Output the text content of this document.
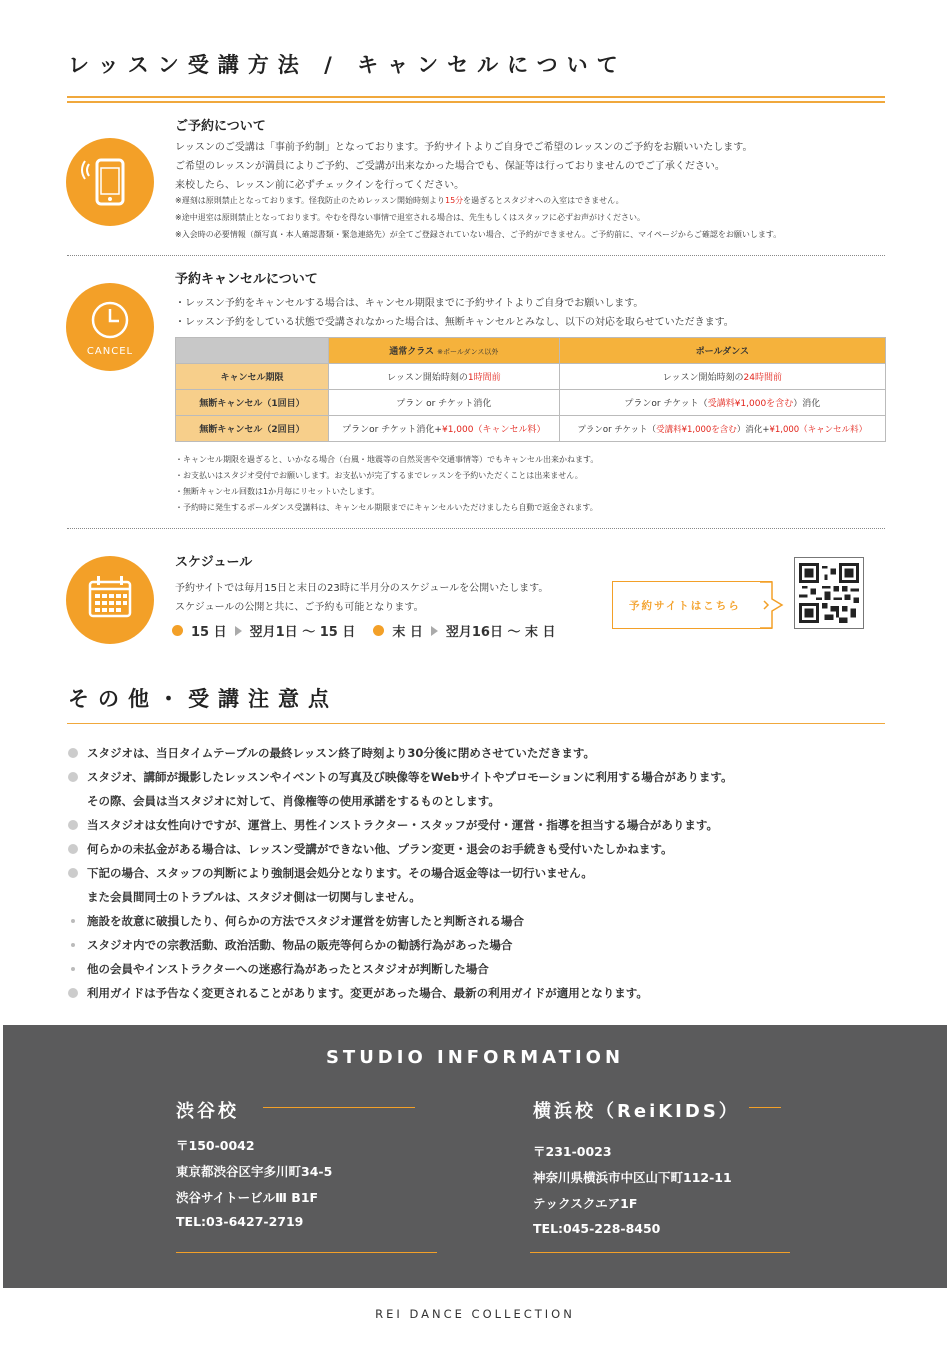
レッスン受講方法 / キャンセルについて
ご予約について
レッスンのご受講は「事前予約制」となっております。予約サイトよりご自身でご希望のレッスンのご予約をお願いいたします。
ご希望のレッスンが満員によりご予約、ご受講が出来なかった場合でも、保証等は行っておりませんのでご了承ください。
来校したら、レッスン前に必ずチェックインを行ってください。
※遅刻は原則禁止となっております。怪我防止のためレッスン開始時刻より15分を過ぎるとスタジオへの入室はできません。
※途中退室は原則禁止となっております。やむを得ない事情で退室される場合は、先生もしくはスタッフに必ずお声がけください。
※入会時の必要情報（顔写真・本人確認書類・緊急連絡先）が全てご登録されていない場合、ご予約ができません。ご予約前に、マイページからご確認をお願いします。
CANCEL
予約キャンセルについて
・レッスン予約をキャンセルする場合は、キャンセル期限までに予約サイトよりご自身でお願いします。
・レッスン予約をしている状態で受講されなかった場合は、無断キャンセルとみなし、以下の対応を取らせていただきます。
	通常クラス ※ポールダンス以外	ポールダンス
キャンセル期限	レッスン開始時刻の1時間前	レッスン開始時刻の24時間前
無断キャンセル（1回目）	プラン or チケット消化	プランor チケット（受講料¥1,000を含む）消化
無断キャンセル（2回目）	プランor チケット消化+¥1,000（キャンセル料）	プランor チケット（受講料¥1,000を含む）消化+¥1,000（キャンセル料）
・キャンセル期限を過ぎると、いかなる場合（台風・地震等の自然災害や交通事情等）でもキャンセル出来かねます。
・お支払いはスタジオ受付でお願いします。お支払いが完了するまでレッスンを予約いただくことは出来ません。
・無断キャンセル回数は1か月毎にリセットいたします。
・予約時に発生するポールダンス受講料は、キャンセル期限までにキャンセルいただけましたら自動で返金されます。
スケジュール
予約サイトでは毎月15日と末日の23時に半月分のスケジュールを公開いたします。
スケジュールの公開と共に、ご予約も可能となります。
15 日 翌月1日 〜 15 日	末 日 翌月16日 〜 末 日
予約サイトはこちら
その他・受講注意点
スタジオは、当日タイムテーブルの最終レッスン終了時刻より30分後に閉めさせていただきます。
スタジオ、講師が撮影したレッスンやイベントの写真及び映像等をWebサイトやプロモーションに利用する場合があります。
その際、会員は当スタジオに対して、肖像権等の使用承諾をするものとします。
当スタジオは女性向けですが、運営上、男性インストラクター・スタッフが受付・運営・指導を担当する場合があります。
何らかの未払金がある場合は、レッスン受講ができない他、プラン変更・退会のお手続きも受付いたしかねます。
下記の場合、スタッフの判断により強制退会処分となります。その場合返金等は一切行いません。
また会員間同士のトラブルは、スタジオ側は一切関与しません。
施設を故意に破損したり、何らかの方法でスタジオ運営を妨害したと判断される場合
スタジオ内での宗教活動、政治活動、物品の販売等何らかの勧誘行為があった場合
他の会員やインストラクターへの迷惑行為があったとスタジオが判断した場合
利用ガイドは予告なく変更されることがあります。変更があった場合、最新の利用ガイドが適用となります。
STUDIO INFORMATION
渋谷校
〒150-0042
東京都渋谷区宇多川町34-5
渋谷サイトービルⅢ B1F
TEL:03-6427-2719
横浜校（ReiKIDS）
〒231-0023
神奈川県横浜市中区山下町112-11
テックスクエア1F
TEL:045-228-8450
REI DANCE COLLECTION
